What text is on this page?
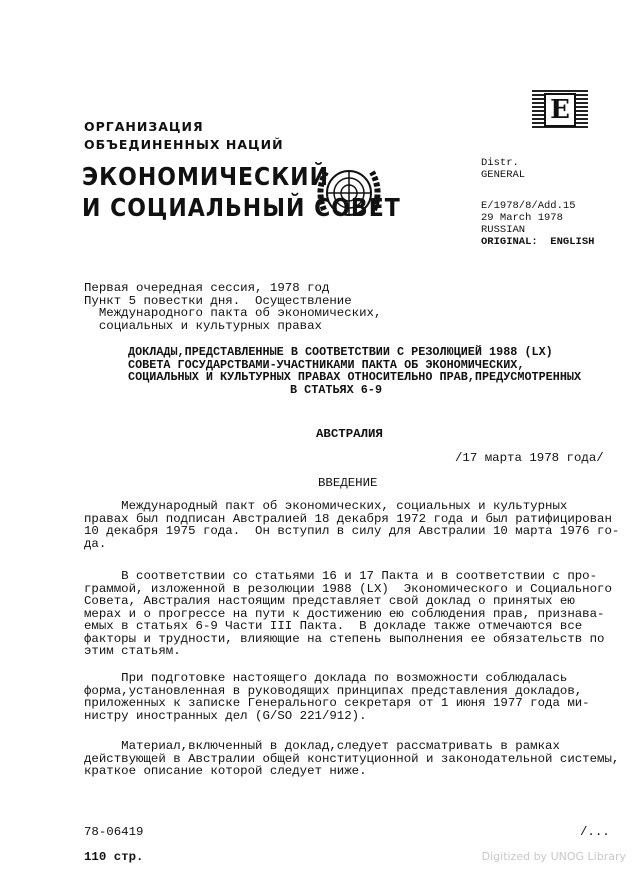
ОРГАНИЗАЦИЯ
ОБЪЕДИНЕННЫХ НАЦИЙ
ЭКОНОМИЧЕСКИЙ
И СОЦИАЛЬНЫЙ СОВЕТ
E
Distr.
GENERAL
E/1978/8/Add.15
29 March 1978
RUSSIAN
ORIGINAL:  ENGLISH
Первая очередная сессия, 1978 год
Пункт 5 повестки дня.  Осуществление
Международного пакта об экономических,
социальных и культурных правах
ДОКЛАДЫ,ПРЕДСТАВЛЕННЫЕ В СООТВЕТСТВИИ С РЕЗОЛЮЦИЕЙ 1988 (LX)
СОВЕТА ГОСУДАРСТВАМИ-УЧАСТНИКАМИ ПАКТА ОБ ЭКОНОМИЧЕСКИХ,
СОЦИАЛЬНЫХ И КУЛЬТУРНЫХ ПРАВАХ ОТНОСИТЕЛЬНО ПРАВ,ПРЕДУСМОТРЕННЫХ
В СТАТЬЯХ 6-9
АВСТРАЛИЯ
/17 марта 1978 года/
ВВЕДЕНИЕ
Международный пакт об экономических, социальных и культурных
правах был подписан Австралией 18 декабря 1972 года и был ратифицирован
10 декабря 1975 года.  Он вступил в силу для Австралии 10 марта 1976 го-
да.
В соответствии со статьями 16 и 17 Пакта и в соответствии с про-
граммой, изложенной в резолюции 1988 (LX)  Экономического и Социального
Совета, Австралия настоящим представляет свой доклад о принятых ею
мерах и о прогрессе на пути к достижению ею соблюдения прав, признава-
емых в статьях 6-9 Части III Пакта.  В докладе также отмечаются все
факторы и трудности, влияющие на степень выполнения ее обязательств по
этим статьям.
При подготовке настоящего доклада по возможности соблюдалась
форма,установленная в руководящих принципах представления докладов,
приложенных к записке Генерального секретаря от 1 июня 1977 года ми-
нистру иностранных дел (G/SO 221/912).
Материал,включенный в доклад,следует рассматривать в рамках
действующей в Австралии общей конституционной и законодательной системы,
краткое описание которой следует ниже.
78-06419	/...
110 стр.	Digitized by UNOG Library
